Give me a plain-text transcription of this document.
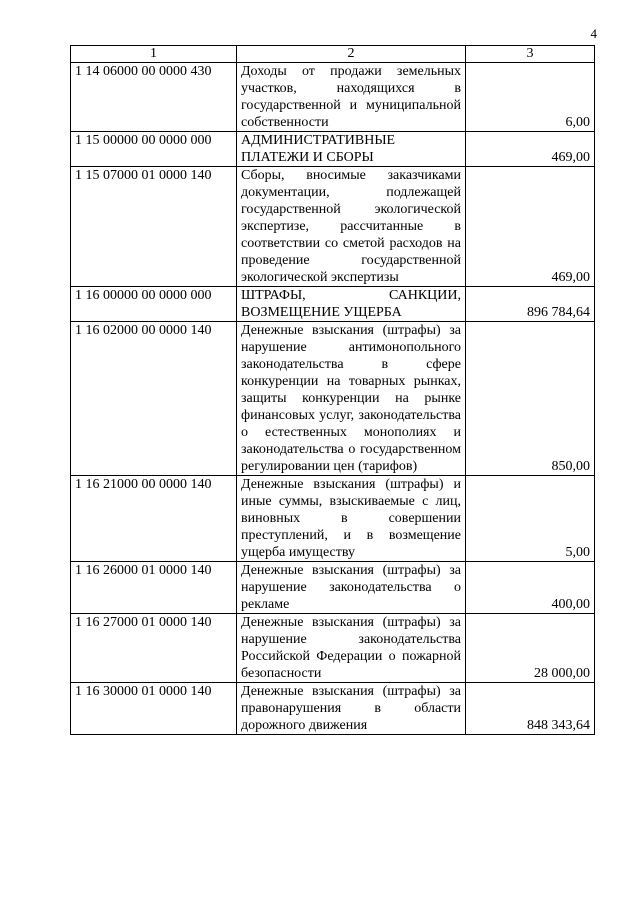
4
1	2	3
1 14 06000 00 0000 430	Доходы от продажи земельных участков, находящихся в государственной и муниципальной собственности	6,00
1 15 00000 00 0000 000	АДМИНИСТРАТИВНЫЕ ПЛАТЕЖИ И СБОРЫ	469,00
1 15 07000 01 0000 140	Сборы, вносимые заказчиками документации, подлежащей государственной экологической экспертизе, рассчитанные в соответствии со сметой расходов на проведение государственной экологической экспертизы	469,00
1 16 00000 00 0000 000	ШТРАФЫ, САНКЦИИ, ВОЗМЕЩЕНИЕ УЩЕРБА	896 784,64
1 16 02000 00 0000 140	Денежные взыскания (штрафы) за нарушение антимонопольного законодательства в сфере конкуренции на товарных рынках, защиты конкуренции на рынке финансовых услуг, законодательства о естественных монополиях и законодательства о государственном регулировании цен (тарифов)	850,00
1 16 21000 00 0000 140	Денежные взыскания (штрафы) и иные суммы, взыскиваемые с лиц, виновных в совершении преступлений, и в возмещение ущерба имуществу	5,00
1 16 26000 01 0000 140	Денежные взыскания (штрафы) за нарушение законодательства о рекламе	400,00
1 16 27000 01 0000 140	Денежные взыскания (штрафы) за нарушение законодательства Российской Федерации о пожарной безопасности	28 000,00
1 16 30000 01 0000 140	Денежные взыскания (штрафы) за правонарушения в области дорожного движения	848 343,64
